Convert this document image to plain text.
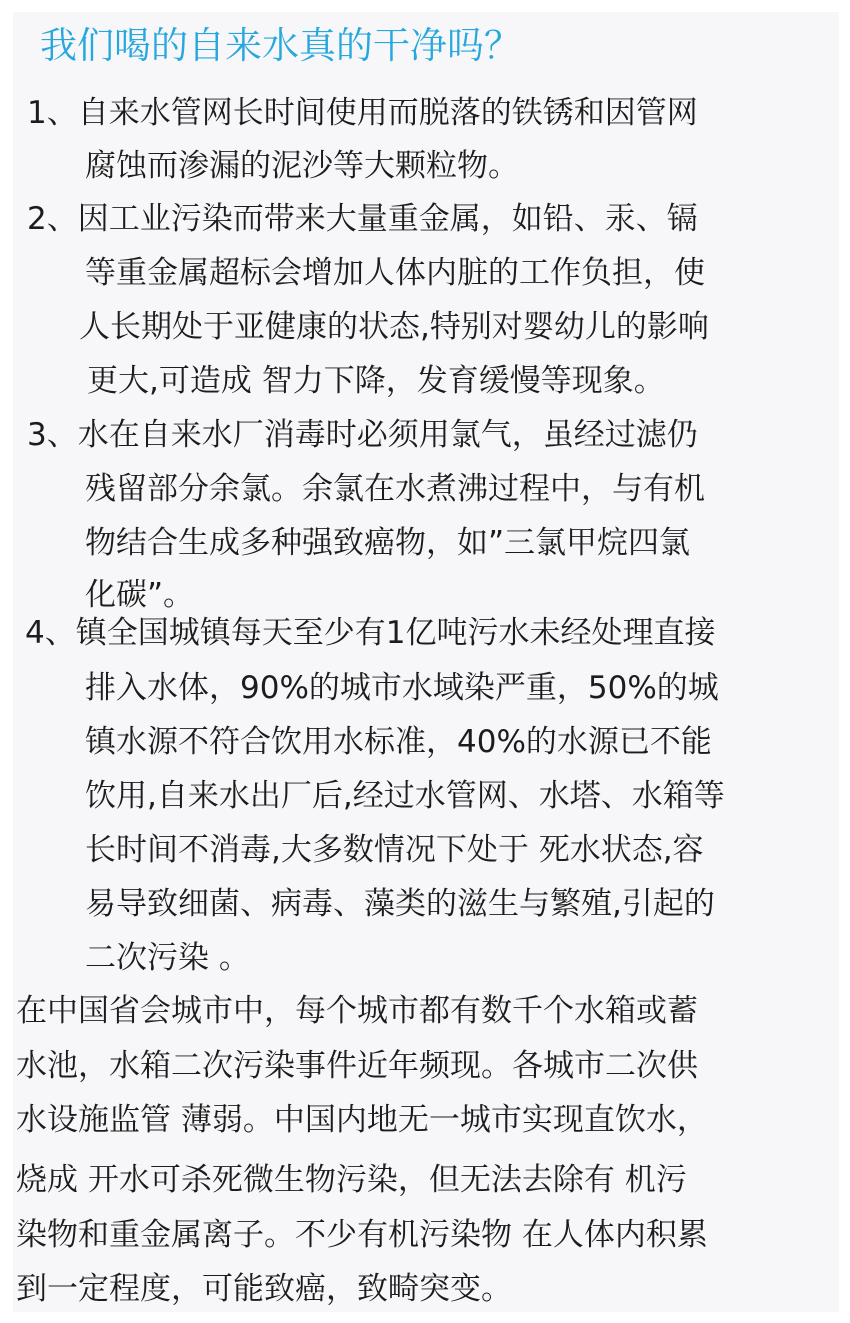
我们喝的自来水真的干净吗？
1、自来水管网长时间使用而脱落的铁锈和因管网
腐蚀而渗漏的泥沙等大颗粒物。
2、因工业污染而带来大量重金属，如铅、汞、镉
等重金属超标会增加人体内脏的工作负担，使
人长期处于亚健康的状态,特别对婴幼儿的影响
更大,可造成 智力下降，发育缓慢等现象。
3、水在自来水厂消毒时必须用氯气，虽经过滤仍
残留部分余氯。余氯在水煮沸过程中，与有机
物结合生成多种强致癌物，如”三氯甲烷四氯
化碳”。
4、镇全国城镇每天至少有1亿吨污水未经处理直接
排入水体，90%的城市水域染严重，50%的城
镇水源不符合饮用水标准，40%的水源已不能
饮用,自来水出厂后,经过水管网、水塔、水箱等
长时间不消毒,大多数情况下处于 死水状态,容
易导致细菌、病毒、藻类的滋生与繁殖,引起的
二次污染 。
在中国省会城市中，每个城市都有数千个水箱或蓄
水池，水箱二次污染事件近年频现。各城市二次供
水设施监管 薄弱。中国内地无一城市实现直饮水，
烧成 开水可杀死微生物污染，但无法去除有 机污
染物和重金属离子。不少有机污染物 在人体内积累
到一定程度，可能致癌，致畸突变。
